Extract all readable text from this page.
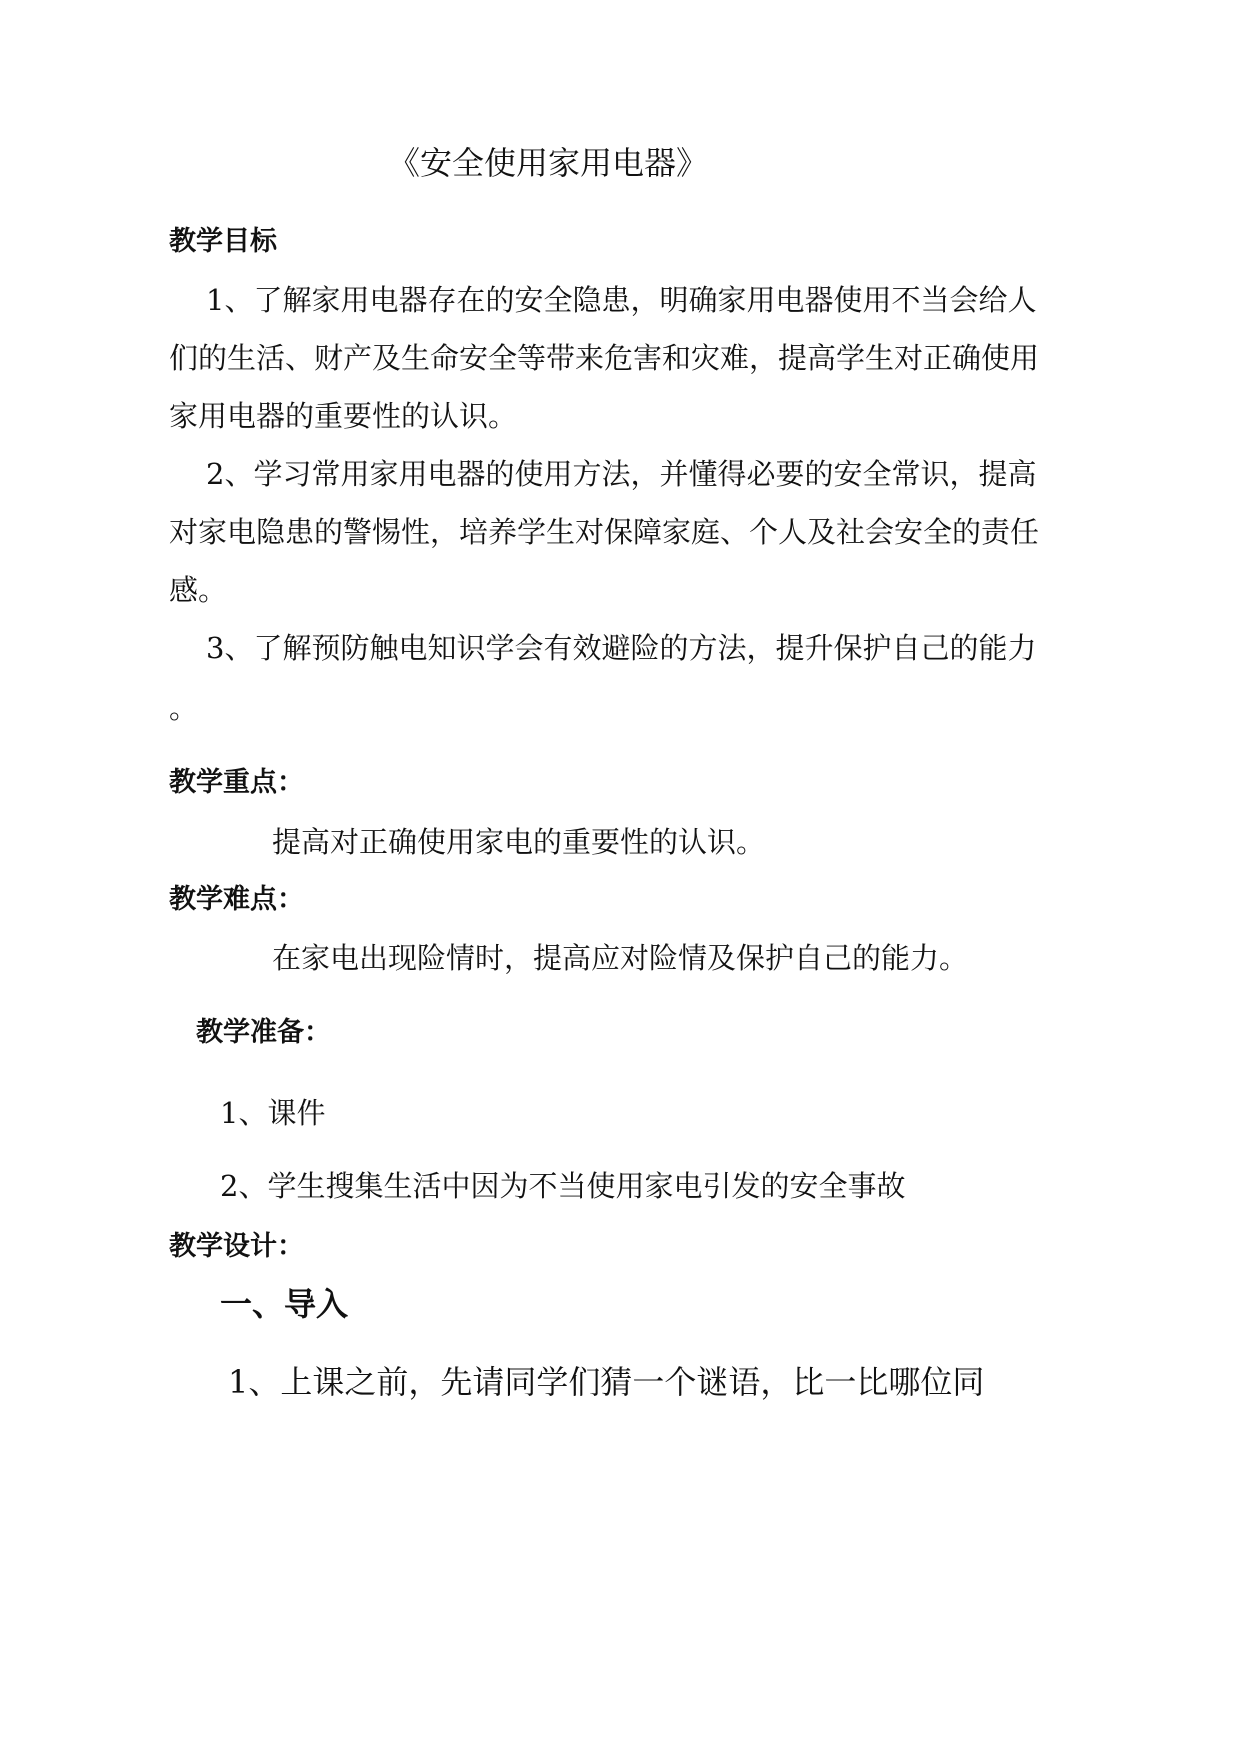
《安全使用家用电器》
教学目标
1、了解家用电器存在的安全隐患，明确家用电器使用不当会给人
们的生活、财产及生命安全等带来危害和灾难，提高学生对正确使用
家用电器的重要性的认识。
2、学习常用家用电器的使用方法，并懂得必要的安全常识，提高
对家电隐患的警惕性，培养学生对保障家庭、个人及社会安全的责任
感。
3、了解预防触电知识学会有效避险的方法，提升保护自己的能力
。
教学重点：
提高对正确使用家电的重要性的认识。
教学难点：
在家电出现险情时，提高应对险情及保护自己的能力。
教学准备：
1、课件
2、学生搜集生活中因为不当使用家电引发的安全事故
教学设计：
一、导入
1、上课之前，先请同学们猜一个谜语，比一比哪位同
